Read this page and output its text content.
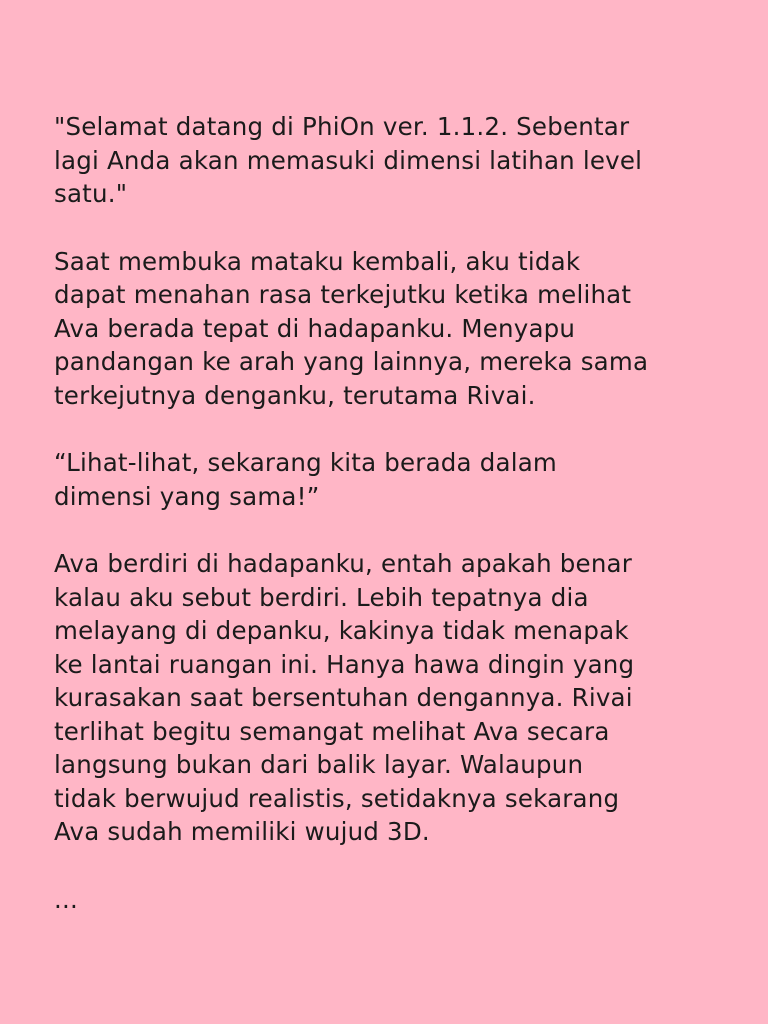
"Selamat datang di PhiOn ver. 1.1.2. Sebentar
lagi Anda akan memasuki dimensi latihan level
satu."

Saat membuka mataku kembali, aku tidak
dapat menahan rasa terkejutku ketika melihat
Ava berada tepat di hadapanku. Menyapu
pandangan ke arah yang lainnya, mereka sama
terkejutnya denganku, terutama Rivai.

“Lihat-lihat, sekarang kita berada dalam
dimensi yang sama!”

Ava berdiri di hadapanku, entah apakah benar
kalau aku sebut berdiri. Lebih tepatnya dia
melayang di depanku, kakinya tidak menapak
ke lantai ruangan ini. Hanya hawa dingin yang
kurasakan saat bersentuhan dengannya. Rivai
terlihat begitu semangat melihat Ava secara
langsung bukan dari balik layar. Walaupun
tidak berwujud realistis, setidaknya sekarang
Ava sudah memiliki wujud 3D.

...
